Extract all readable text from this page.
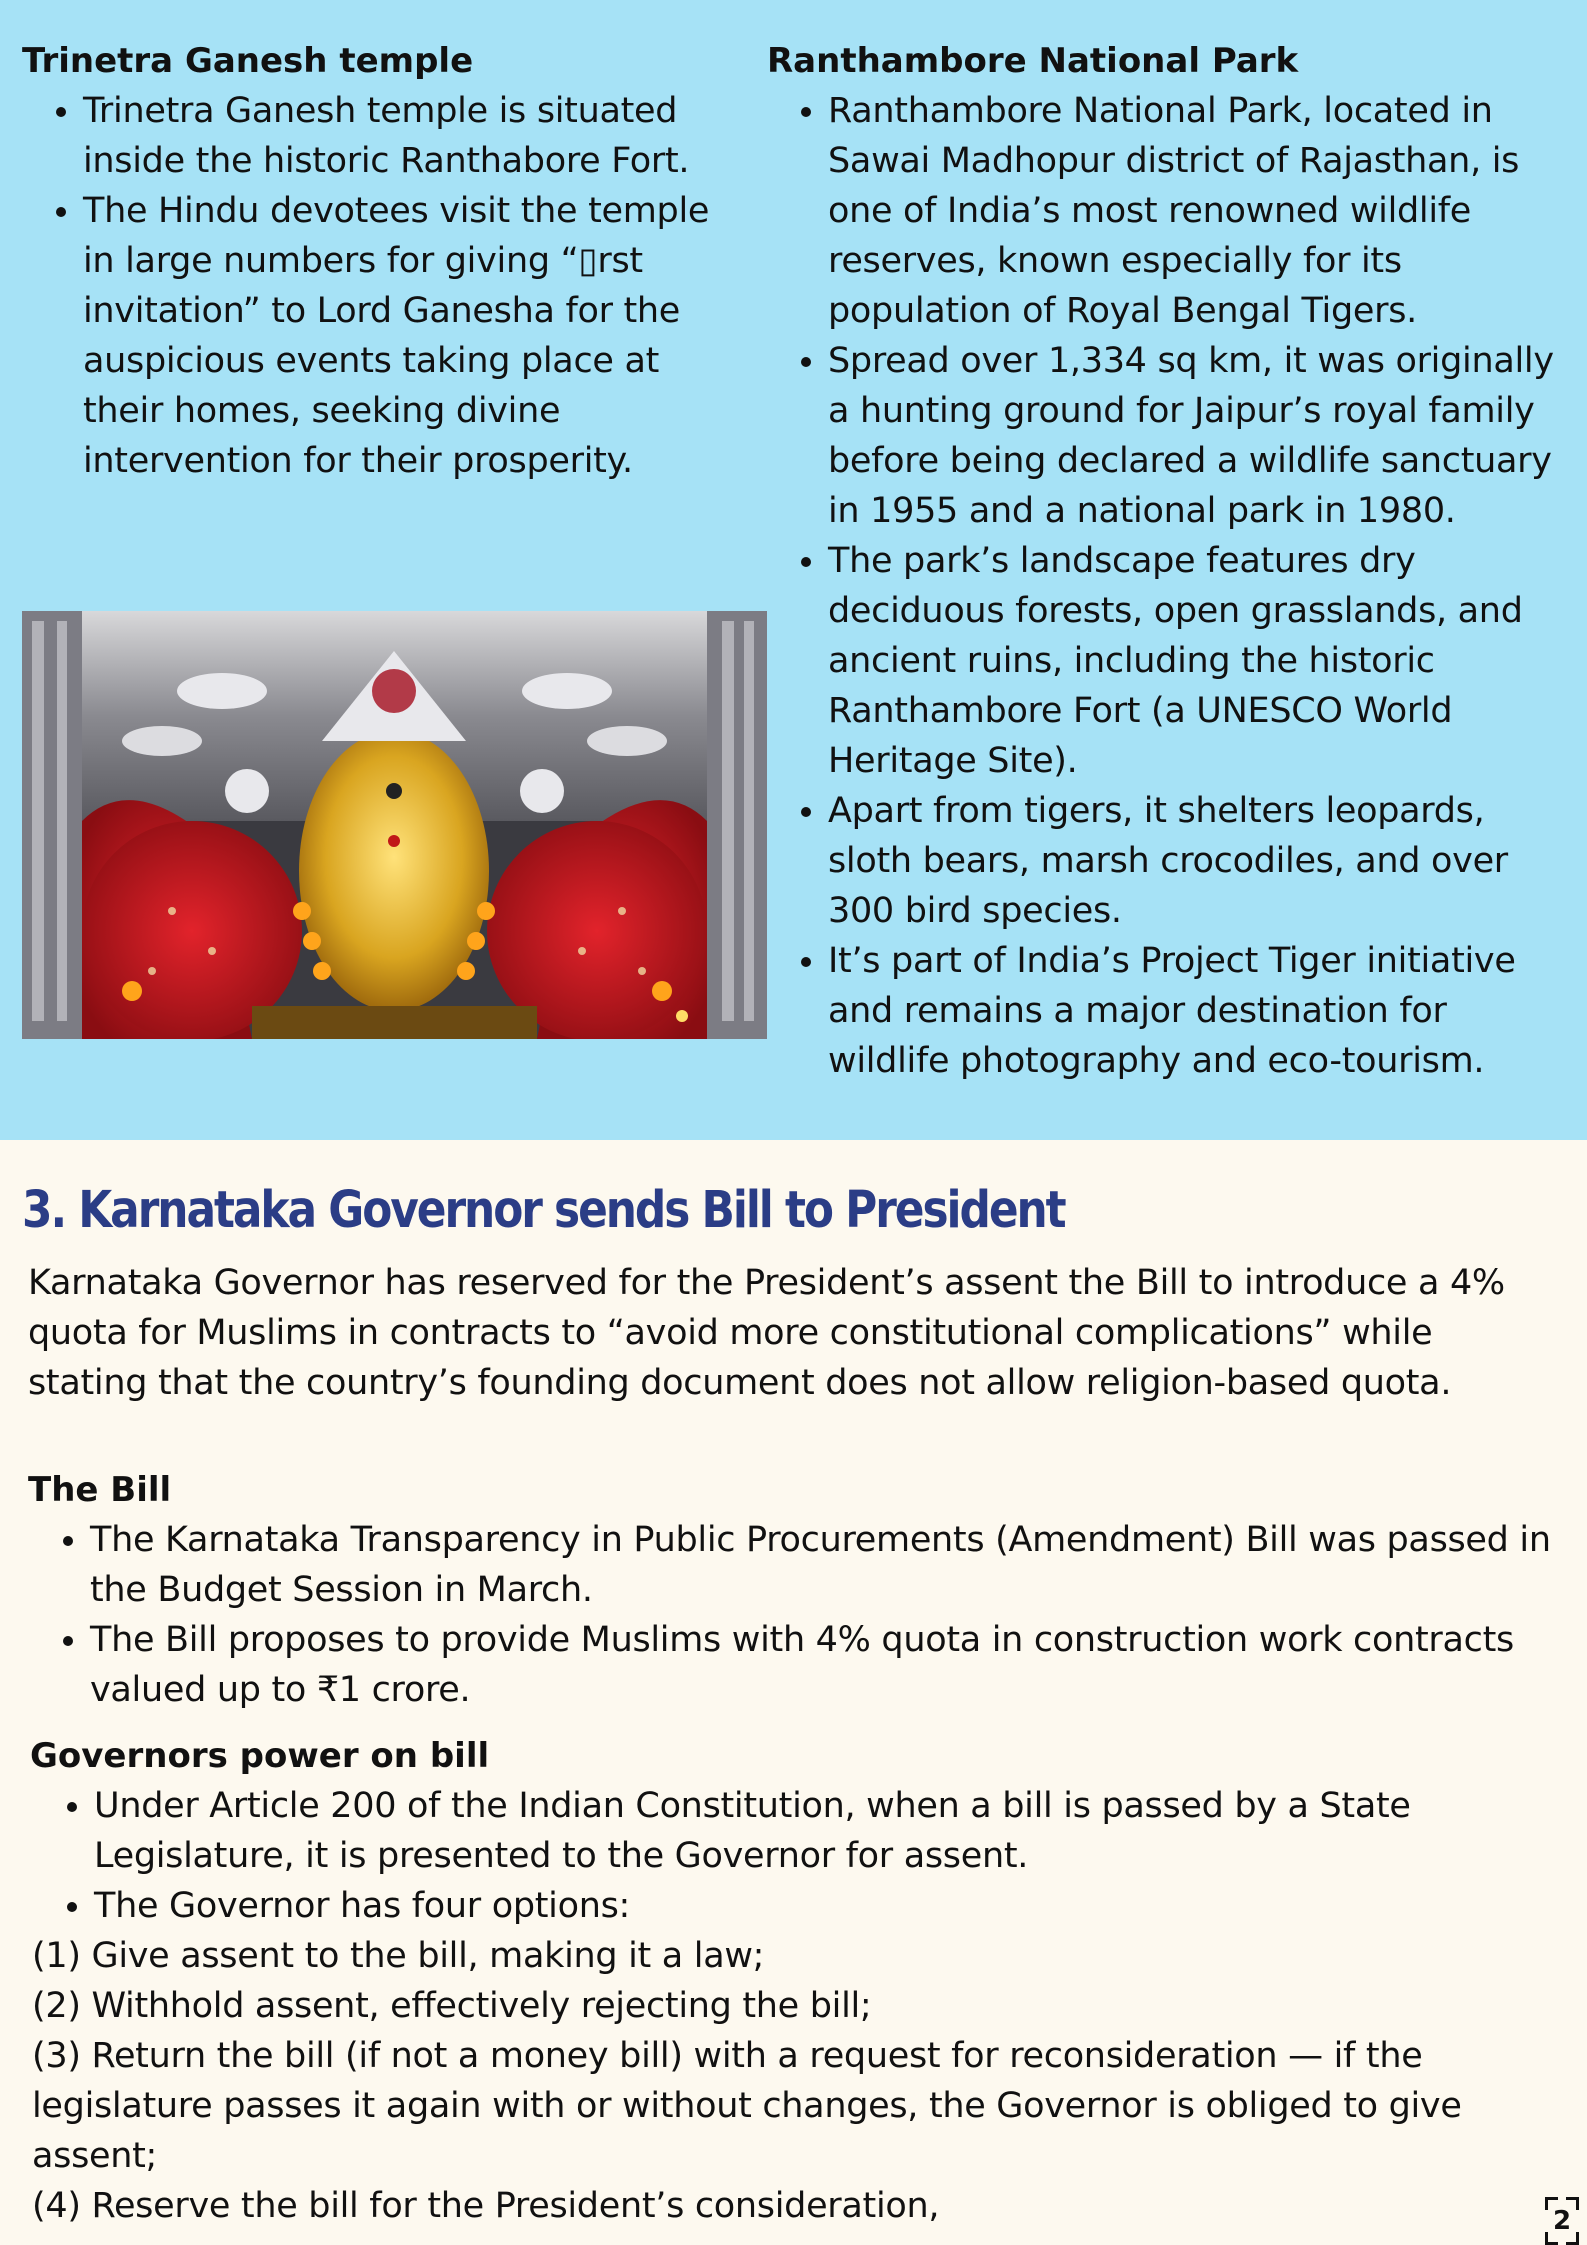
Trinetra Ganesh temple
• Trinetra Ganesh temple is situated inside the historic Ranthabore Fort.
• The Hindu devotees visit the temple in large numbers for giving “▯rst invitation” to Lord Ganesha for the auspicious events taking place at their homes, seeking divine intervention for their prosperity.
Ranthambore National Park
• Ranthambore National Park, located in Sawai Madhopur district of Rajasthan, is one of India’s most renowned wildlife reserves, known especially for its population of Royal Bengal Tigers.
• Spread over 1,334 sq km, it was originally a hunting ground for Jaipur’s royal family before being declared a wildlife sanctuary in 1955 and a national park in 1980.
• The park’s landscape features dry deciduous forests, open grasslands, and ancient ruins, including the historic Ranthambore Fort (a UNESCO World Heritage Site).
• Apart from tigers, it shelters leopards, sloth bears, marsh crocodiles, and over 300 bird species.
• It’s part of India’s Project Tiger initiative and remains a major destination for wildlife photography and eco-tourism.
3. Karnataka Governor sends Bill to President

Karnataka Governor has reserved for the President’s assent the Bill to introduce a 4% quota for Muslims in contracts to “avoid more constitutional complications” while stating that the country’s founding document does not allow religion-based quota.

The Bill

• The Karnataka Transparency in Public Procurements (Amendment) Bill was passed in the Budget Session in March.
• The Bill proposes to provide Muslims with 4% quota in construction work contracts valued up to ₹1 crore.

Governors power on bill

• Under Article 200 of the Indian Constitution, when a bill is passed by a State Legislature, it is presented to the Governor for assent.
• The Governor has four options:
(1) Give assent to the bill, making it a law;
(2) Withhold assent, effectively rejecting the bill;
(3) Return the bill (if not a money bill) with a request for reconsideration — if the legislature passes it again with or without changes, the Governor is obliged to give assent;
(4) Reserve the bill for the President’s consideration,	2
